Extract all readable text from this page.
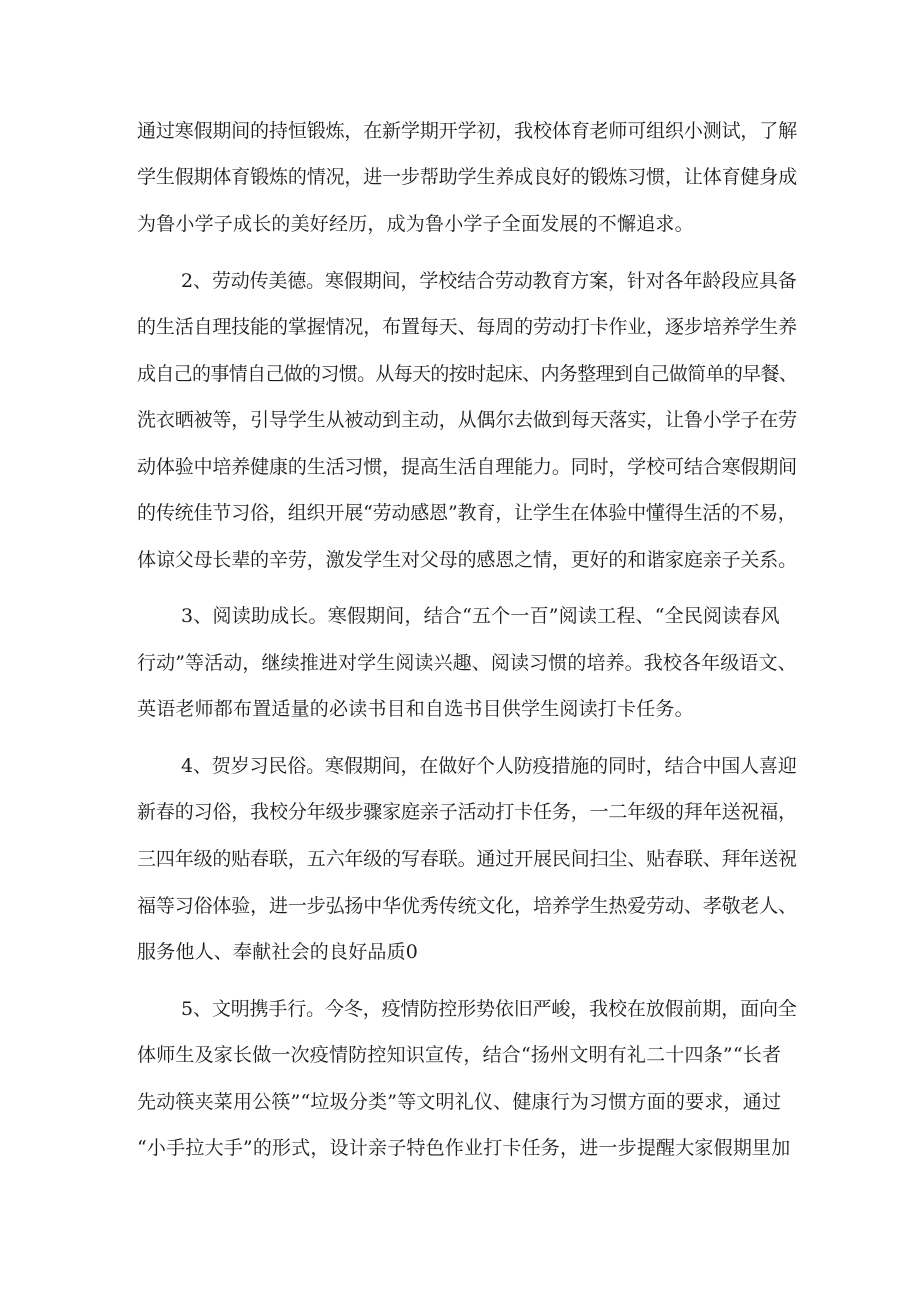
通过寒假期间的持恒锻炼，在新学期开学初，我校体育老师可组织小测试，了解
学生假期体育锻炼的情况，进一步帮助学生养成良好的锻炼习惯，让体育健身成
为鲁小学子成长的美好经历，成为鲁小学子全面发展的不懈追求。
2、劳动传美德。寒假期间，学校结合劳动教育方案，针对各年龄段应具备
的生活自理技能的掌握情况，布置每天、每周的劳动打卡作业，逐步培养学生养
成自己的事情自己做的习惯。从每天的按时起床、内务整理到自己做简单的早餐、
洗衣晒被等，引导学生从被动到主动，从偶尔去做到每天落实，让鲁小学子在劳
动体验中培养健康的生活习惯，提高生活自理能力。同时，学校可结合寒假期间
的传统佳节习俗，组织开展“劳动感恩”教育，让学生在体验中懂得生活的不易，
体谅父母长辈的辛劳，激发学生对父母的感恩之情，更好的和谐家庭亲子关系。
3、阅读助成长。寒假期间，结合“五个一百”阅读工程、“全民阅读春风
行动”等活动，继续推进对学生阅读兴趣、阅读习惯的培养。我校各年级语文、
英语老师都布置适量的必读书目和自选书目供学生阅读打卡任务。
4、贺岁习民俗。寒假期间，在做好个人防疫措施的同时，结合中国人喜迎
新春的习俗，我校分年级步骤家庭亲子活动打卡任务，一二年级的拜年送祝福，
三四年级的贴春联，五六年级的写春联。通过开展民间扫尘、贴春联、拜年送祝
福等习俗体验，进一步弘扬中华优秀传统文化，培养学生热爱劳动、孝敬老人、
服务他人、奉献社会的良好品质0
5、文明携手行。今冬，疫情防控形势依旧严峻，我校在放假前期，面向全
体师生及家长做一次疫情防控知识宣传，结合“扬州文明有礼二十四条”“长者
先动筷夹菜用公筷”“垃圾分类”等文明礼仪、健康行为习惯方面的要求，通过
“小手拉大手”的形式，设计亲子特色作业打卡任务，进一步提醒大家假期里加
